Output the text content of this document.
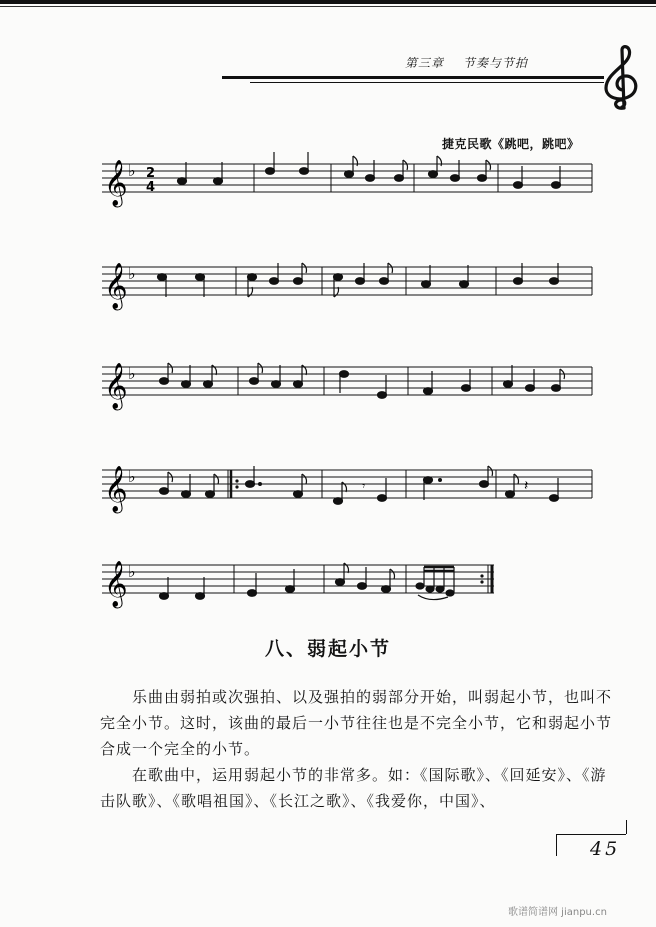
第三章 节奏与节拍
捷克民歌《跳吧，跳吧》
𝄞 ♭ 2
4
𝄞 ♭
𝄞 ♭
𝄞 ♭	𝄾	𝄽
𝄞 ♭
八、弱起小节
乐曲由弱拍或次强拍、以及强拍的弱部分开始，叫弱起小节，也叫不完全小节。这时，该曲的最后一小节往往也是不完全小节，它和弱起小节合成一个完全的小节。
在歌曲中，运用弱起小节的非常多。如：《国际歌》、《回延安》、《游击队歌》、《歌唱祖国》、《长江之歌》、《我爱你，中国》、
45
歌谱简谱网 jianpu.cn
